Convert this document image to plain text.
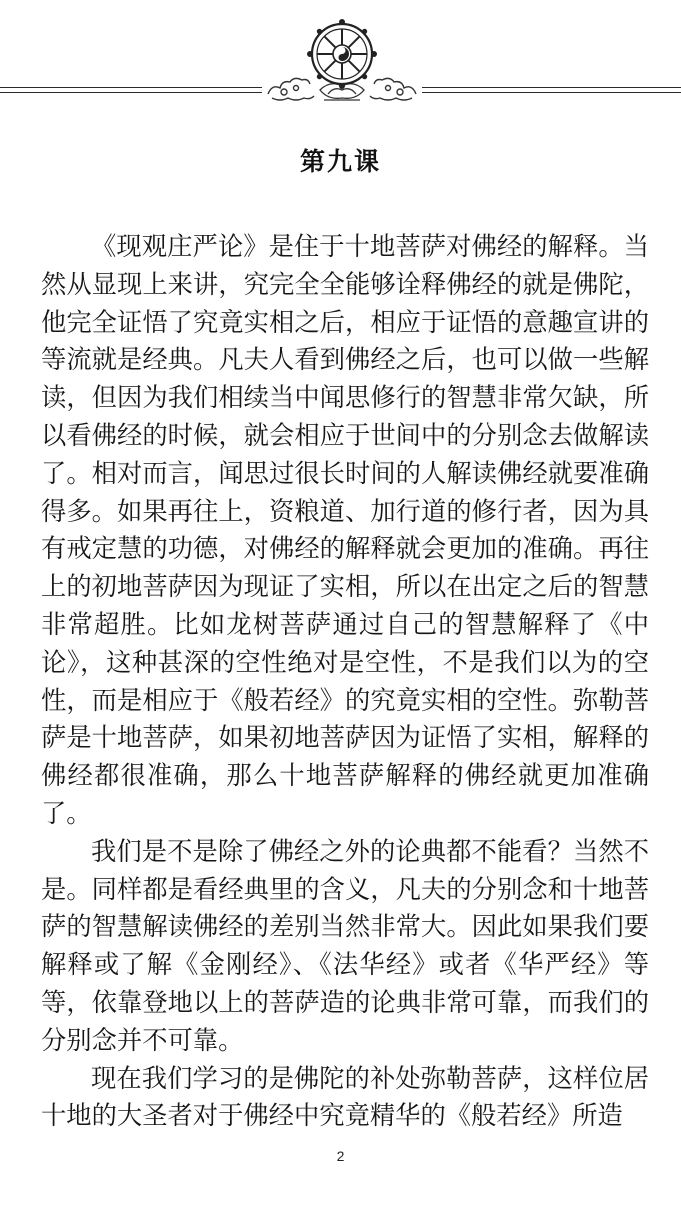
第九课

《现观庄严论》是住于十地菩萨对佛经的解释。当然从显现上来讲，究完全全能够诠释佛经的就是佛陀，他完全证悟了究竟实相之后，相应于证悟的意趣宣讲的等流就是经典。凡夫人看到佛经之后，也可以做一些解读，但因为我们相续当中闻思修行的智慧非常欠缺，所以看佛经的时候，就会相应于世间中的分别念去做解读了。相对而言，闻思过很长时间的人解读佛经就要准确得多。如果再往上，资粮道、加行道的修行者，因为具有戒定慧的功德，对佛经的解释就会更加的准确。再往上的初地菩萨因为现证了实相，所以在出定之后的智慧非常超胜。比如龙树菩萨通过自己的智慧解释了《中论》，这种甚深的空性绝对是空性，不是我们以为的空性，而是相应于《般若经》的究竟实相的空性。弥勒菩萨是十地菩萨，如果初地菩萨因为证悟了实相，解释的佛经都很准确，那么十地菩萨解释的佛经就更加准确了。

我们是不是除了佛经之外的论典都不能看？当然不是。同样都是看经典里的含义，凡夫的分别念和十地菩萨的智慧解读佛经的差别当然非常大。因此如果我们要解释或了解《金刚经》、《法华经》或者《华严经》等等，依靠登地以上的菩萨造的论典非常可靠，而我们的分别念并不可靠。

现在我们学习的是佛陀的补处弥勒菩萨，这样位居十地的大圣者对于佛经中究竟精华的《般若经》所造

2
